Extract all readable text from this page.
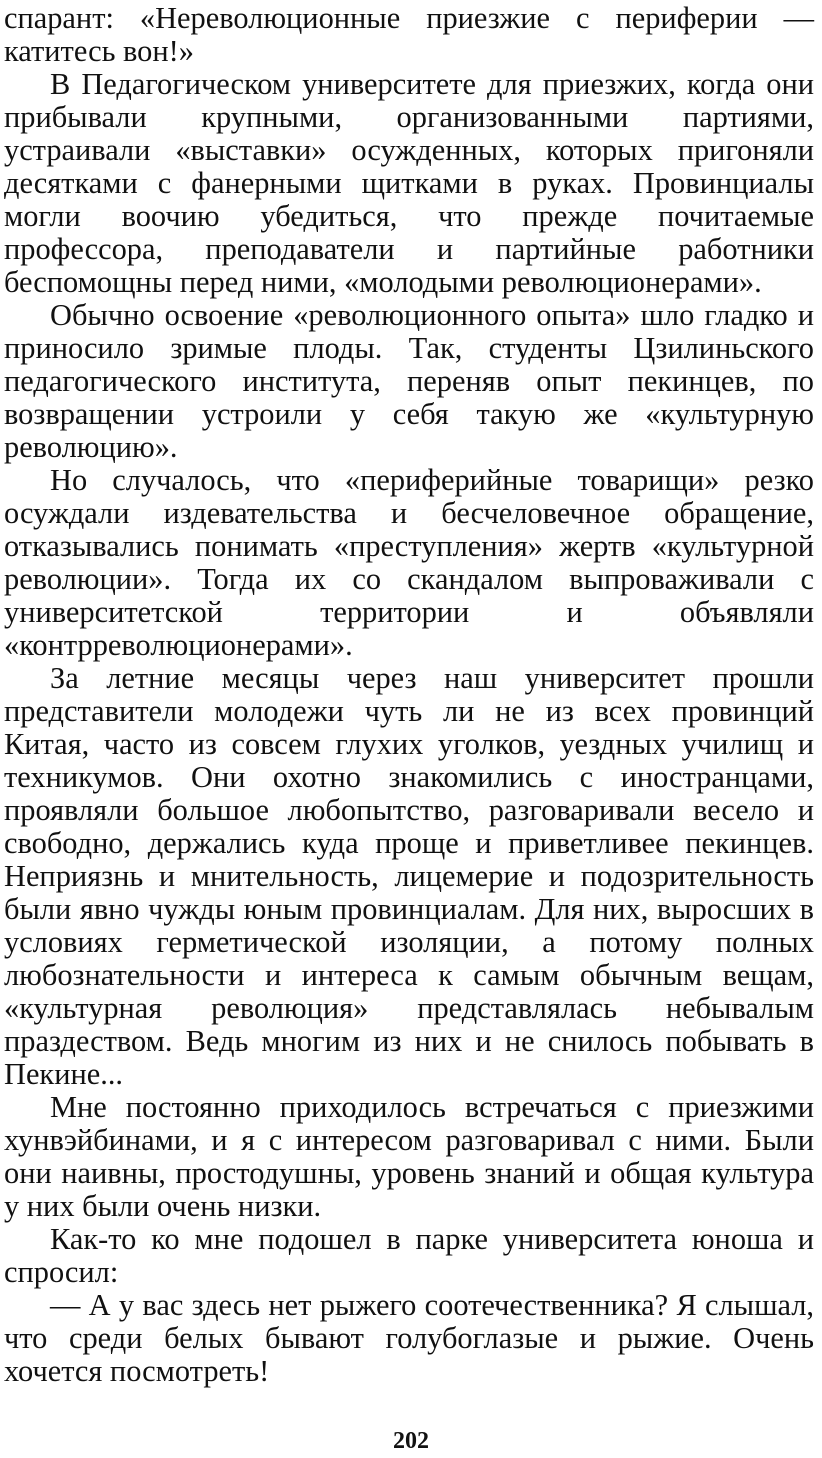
спарант: «Нереволюционные приезжие с периферии — катитесь вон!»

В Педагогическом университете для приезжих, когда они прибывали крупными, организованными партиями, устраивали «выставки» осужденных, которых пригоняли десятками с фанерными щитками в руках. Провинциалы могли воочию убедиться, что прежде почитаемые профессора, преподаватели и партийные работники беспомощны перед ними, «молодыми революционерами».

Обычно освоение «революционного опыта» шло гладко и приносило зримые плоды. Так, студенты Цзилиньского педагогического института, переняв опыт пекинцев, по возвращении устроили у себя такую же «культурную революцию».

Но случалось, что «периферийные товарищи» резко осуждали издевательства и бесчеловечное обращение, отказывались понимать «преступления» жертв «культурной революции». Тогда их со скандалом выпроваживали с университетской территории и объявляли «контрреволюционерами».

За летние месяцы через наш университет прошли представители молодежи чуть ли не из всех провинций Китая, часто из совсем глухих уголков, уездных училищ и техникумов. Они охотно знакомились с иностранцами, проявляли большое любопытство, разговаривали весело и свободно, держались куда проще и приветливее пекинцев. Неприязнь и мнительность, лицемерие и подозрительность были явно чужды юным провинциалам. Для них, выросших в условиях герметической изоляции, а потому полных любознательности и интереса к самым обычным вещам, «культурная революция» представлялась небывалым праздеством. Ведь многим из них и не снилось побывать в Пекине...

Мне постоянно приходилось встречаться с приезжими хунвэйбинами, и я с интересом разговаривал с ними. Были они наивны, простодушны, уровень знаний и общая культура у них были очень низки.

Как-то ко мне подошел в парке университета юноша и спросил:

— А у вас здесь нет рыжего соотечественника? Я слышал, что среди белых бывают голубоглазые и рыжие. Очень хочется посмотреть!

202
